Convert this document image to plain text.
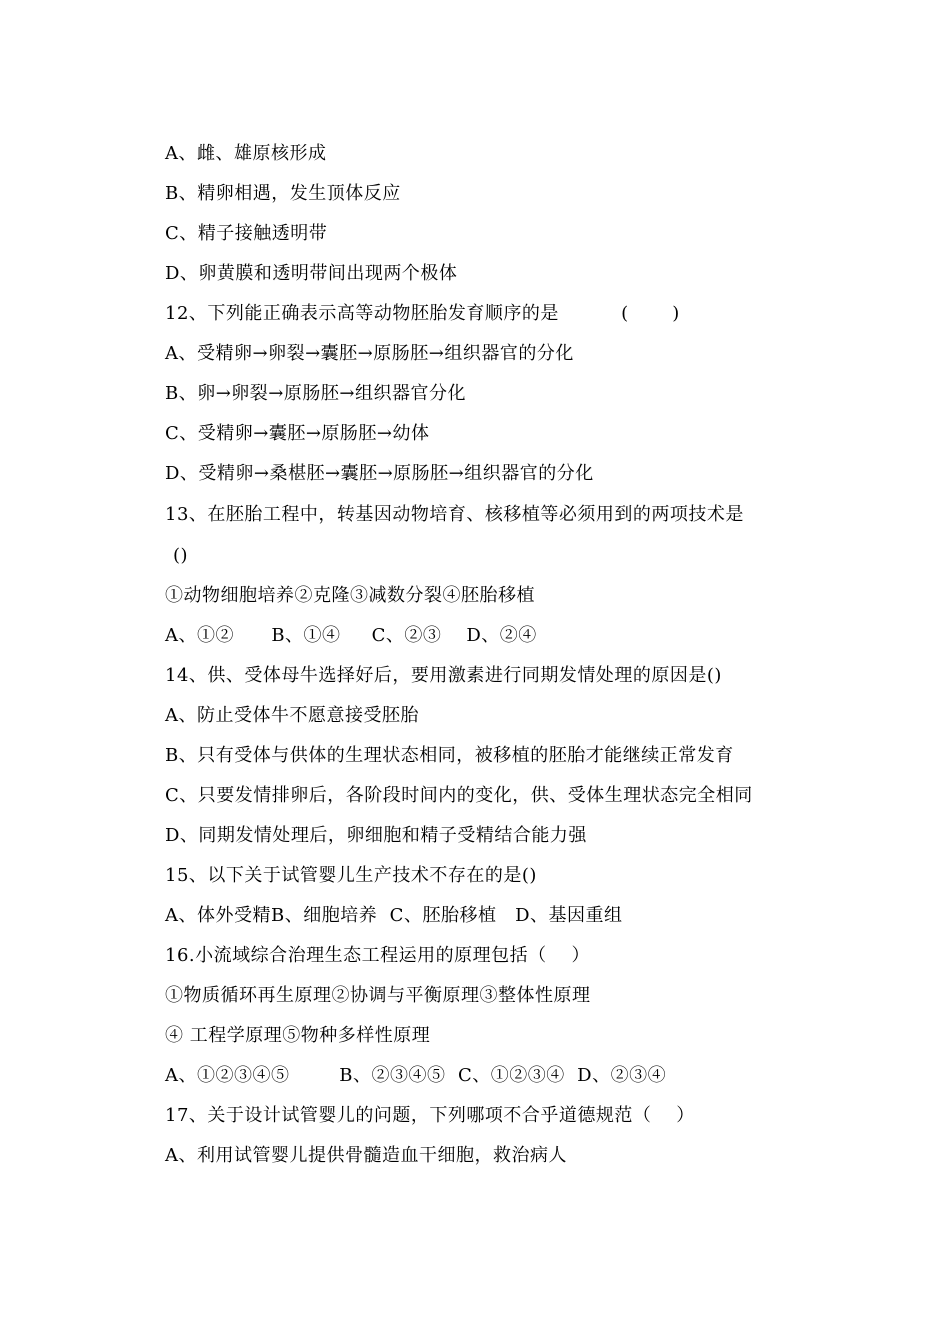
A、雌、雄原核形成
B、精卵相遇，发生顶体反应
C、精子接触透明带
D、卵黄膜和透明带间出现两个极体
12、下列能正确表示高等动物胚胎发育顺序的是          (       )
A、受精卵→卵裂→囊胚→原肠胚→组织器官的分化
B、卵→卵裂→原肠胚→组织器官分化
C、受精卵→囊胚→原肠胚→幼体
D、受精卵→桑椹胚→囊胚→原肠胚→组织器官的分化
13、在胚胎工程中，转基因动物培育、核移植等必须用到的两项技术是
()
①动物细胞培养②克隆③减数分裂④胚胎移植
A、①②      B、①④     C、②③    D、②④
14、供、受体母牛选择好后，要用激素进行同期发情处理的原因是()
A、防止受体牛不愿意接受胚胎
B、只有受体与供体的生理状态相同，被移植的胚胎才能继续正常发育
C、只要发情排卵后，各阶段时间内的变化，供、受体生理状态完全相同
D、同期发情处理后，卵细胞和精子受精结合能力强
15、以下关于试管婴儿生产技术不存在的是()
A、体外受精B、细胞培养  C、胚胎移植   D、基因重组
16.小流域综合治理生态工程运用的原理包括（    ）
①物质循环再生原理②协调与平衡原理③整体性原理
④ 工程学原理⑤物种多样性原理
A、①②③④⑤        B、②③④⑤  C、①②③④  D、②③④
17、关于设计试管婴儿的问题，下列哪项不合乎道德规范（    ）
A、利用试管婴儿提供骨髓造血干细胞，救治病人
